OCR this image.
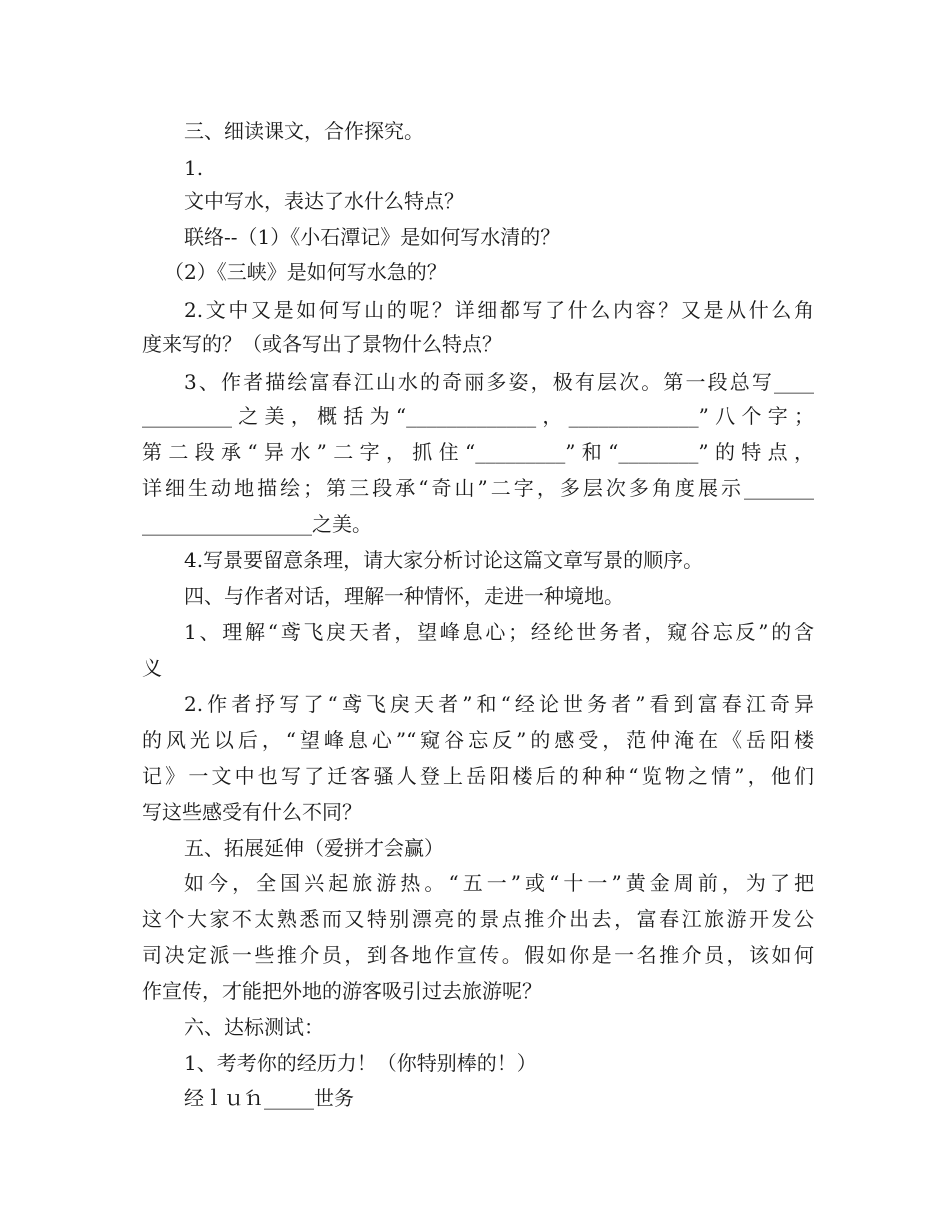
三、细读课文，合作探究。

1.

文中写水，表达了水什么特点？

联络--（1）《小石潭记》是如何写水清的？

（2）《三峡》是如何写水急的？

2.文中又是如何写山的呢？详细都写了什么内容？又是从什么角

度来写的？（或各写出了景物什么特点？

3、作者描绘富春江山水的奇丽多姿，极有层次。第一段总写____

_________之美，概括为“_____________，_____________”八个字；

第二段承“异水”二字，抓住“_________”和“________”的特点，

详细生动地描绘；第三段承“奇山”二字，多层次多角度展示_______

_________________之美。

4.写景要留意条理，请大家分析讨论这篇文章写景的顺序。

四、与作者对话，理解一种情怀，走进一种境地。

1、理解“鸢飞戾天者，望峰息心；经纶世务者，窥谷忘反”的含

义

2.作者抒写了“鸢飞戾天者”和“经论世务者”看到富春江奇异

的风光以后，“望峰息心”“窥谷忘反”的感受，范仲淹在《岳阳楼

记》一文中也写了迁客骚人登上岳阳楼后的种种“览物之情”，他们

写这些感受有什么不同？

五、拓展延伸（爱拼才会赢）

如今，全国兴起旅游热。“五一”或“十一”黄金周前，为了把

这个大家不太熟悉而又特别漂亮的景点推介出去，富春江旅游开发公

司决定派一些推介员，到各地作宣传。假如你是一名推介员，该如何

作宣传，才能把外地的游客吸引过去旅游呢？

六、达标测试：

1、考考你的经历力！（你特别棒的！）

经ｌｕ́ｎ_____世务
